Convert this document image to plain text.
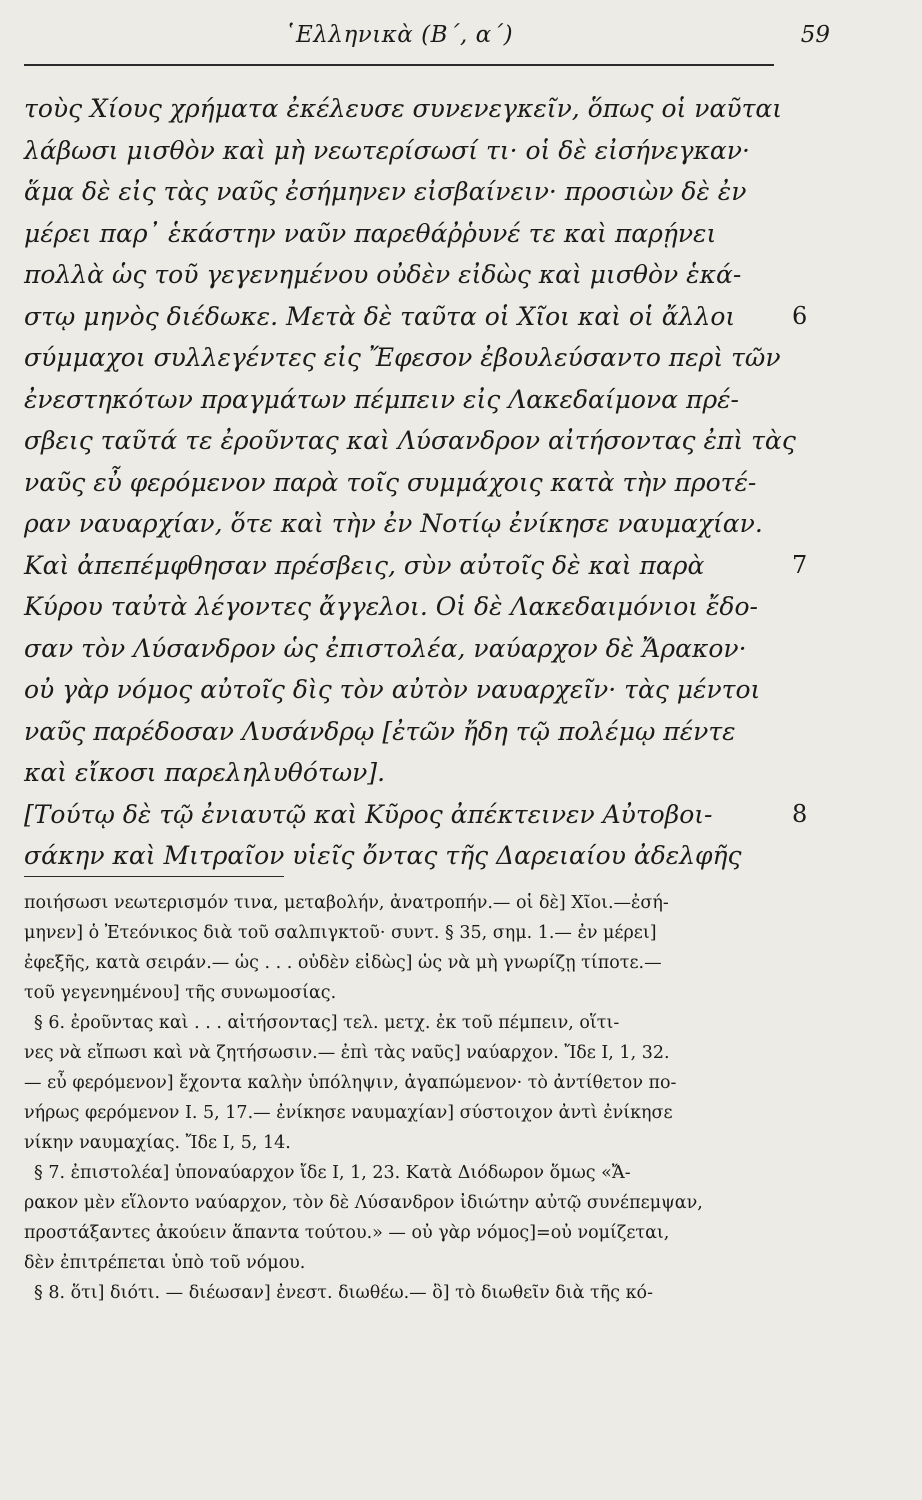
῾Ελληνικὰ (Β΄, α΄)	59
τοὺς Χίους χρήματα ἐκέλευσε συνενεγκεῖν, ὅπως οἱ ναῦται
λάβωσι μισθὸν καὶ μὴ νεωτερίσωσί τι· οἱ δὲ εἰσήνεγκαν·
ἅμα δὲ εἰς τὰς ναῦς ἐσήμηνεν εἰσβαίνειν· προσιὼν δὲ ἐν
μέρει παρ᾽ ἑκάστην ναῦν παρεθάῤῥυνέ τε καὶ παρῄνει
πολλὰ ὡς τοῦ γεγενημένου οὐδὲν εἰδὼς καὶ μισθὸν ἑκά-
στῳ μηνὸς διέδωκε. Μετὰ δὲ ταῦτα οἱ Χῖοι καὶ οἱ ἄλλοι 6
σύμμαχοι συλλεγέντες εἰς Ἔφεσον ἐβουλεύσαντο περὶ τῶν
ἐνεστηκότων πραγμάτων πέμπειν εἰς Λακεδαίμονα πρέ-
σβεις ταῦτά τε ἐροῦντας καὶ Λύσανδρον αἰτήσοντας ἐπὶ τὰς
ναῦς εὖ φερόμενον παρὰ τοῖς συμμάχοις κατὰ τὴν προτέ-
ραν ναυαρχίαν, ὅτε καὶ τὴν ἐν Νοτίῳ ἐνίκησε ναυμαχίαν.
Καὶ ἀπεπέμφθησαν πρέσβεις, σὺν αὐτοῖς δὲ καὶ παρὰ	7
Κύρου ταὐτὰ λέγοντες ἄγγελοι. Οἱ δὲ Λακεδαιμόνιοι ἔδο-
σαν τὸν Λύσανδρον ὡς ἐπιστολέα, ναύαρχον δὲ Ἄρακον·
οὐ γὰρ νόμος αὐτοῖς δὶς τὸν αὐτὸν ναυαρχεῖν· τὰς μέντοι
ναῦς παρέδοσαν Λυσάνδρῳ [ἐτῶν ἤδη τῷ πολέμῳ πέντε
καὶ εἴκοσι παρεληλυθότων].
[Τούτῳ δὲ τῷ ἐνιαυτῷ καὶ Κῦρος ἀπέκτεινεν Αὐτοβοι-	8
σάκην καὶ Μιτραῖον υἱεῖς ὄντας τῆς Δαρειαίου ἀδελφῆς
ποιήσωσι νεωτερισμόν τινα, μεταβολήν, ἀνατροπήν.— οἱ δὲ] Χῖοι.—ἐσή-
μηνεν] ὁ Ἐτεόνικος διὰ τοῦ σαλπιγκτοῦ· συντ. § 35, σημ. 1.— ἐν μέρει]
ἐφεξῆς, κατὰ σειράν.— ὡς . . . οὐδὲν εἰδὼς] ὡς νὰ μὴ γνωρίζῃ τίποτε.—
τοῦ γεγενημένου] τῆς συνωμοσίας.
§ 6. ἐροῦντας καὶ . . . αἰτήσοντας] τελ. μετχ. ἐκ τοῦ πέμπειν, οἵτι-
νες νὰ εἴπωσι καὶ νὰ ζητήσωσιν.— ἐπὶ τὰς ναῦς] ναύαρχον. Ἴδε I, 1, 32.
— εὖ φερόμενον] ἔχοντα καλὴν ὑπόληψιν, ἀγαπώμενον· τὸ ἀντίθετον πο-
νήρως φερόμενον I. 5, 17.— ἐνίκησε ναυμαχίαν] σύστοιχον ἀντὶ ἐνίκησε
νίκην ναυμαχίας. Ἴδε I, 5, 14.
§ 7. ἐπιστολέα] ὑποναύαρχον ἴδε I, 1, 23. Κατὰ Διόδωρον ὅμως «Ἄ-
ρακον μὲν εἵλοντο ναύαρχον, τὸν δὲ Λύσανδρον ἰδιώτην αὐτῷ συνέπεμψαν,
προστάξαντες ἀκούειν ἅπαντα τούτου.» — οὐ γὰρ νόμος]=οὐ νομίζεται,
δὲν ἐπιτρέπεται ὑπὸ τοῦ νόμου.
§ 8. ὅτι] διότι. — διέωσαν] ἐνεστ. διωθέω.— ὃ] τὸ διωθεῖν διὰ τῆς κό-
